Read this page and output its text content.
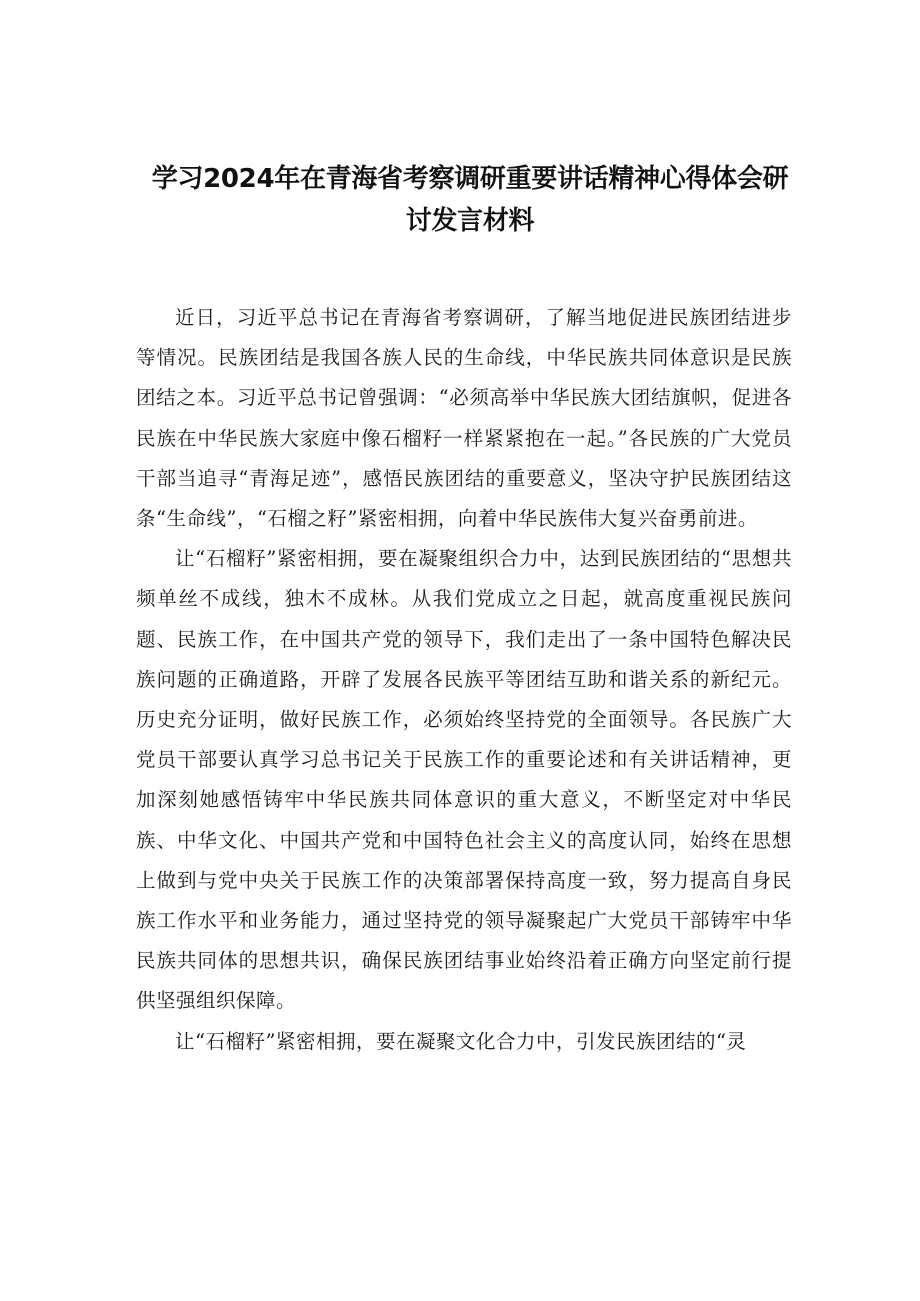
学习2024年在青海省考察调研重要讲话精神心得体会研讨发言材料

近日，习近平总书记在青海省考察调研，了解当地促进民族团结进步等情况。民族团结是我国各族人民的生命线，中华民族共同体意识是民族团结之本。习近平总书记曾强调：“必须高举中华民族大团结旗帜，促进各民族在中华民族大家庭中像石榴籽一样紧紧抱在一起。”各民族的广大党员干部当追寻“青海足迹”，感悟民族团结的重要意义，坚决守护民族团结这条“生命线”，“石榴之籽”紧密相拥，向着中华民族伟大复兴奋勇前进。

让“石榴籽”紧密相拥，要在凝聚组织合力中，达到民族团结的“思想共频单丝不成线，独木不成林。从我们党成立之日起，就高度重视民族问题、民族工作，在中国共产党的领导下，我们走出了一条中国特色解决民族问题的正确道路，开辟了发展各民族平等团结互助和谐关系的新纪元。历史充分证明，做好民族工作，必须始终坚持党的全面领导。各民族广大党员干部要认真学习总书记关于民族工作的重要论述和有关讲话精神，更加深刻她感悟铸牢中华民族共同体意识的重大意义，不断坚定对中华民族、中华文化、中国共产党和中国特色社会主义的高度认同，始终在思想上做到与党中央关于民族工作的决策部署保持高度一致，努力提高自身民族工作水平和业务能力，通过坚持党的领导凝聚起广大党员干部铸牢中华民族共同体的思想共识，确保民族团结事业始终沿着正确方向坚定前行提供坚强组织保障。

让“石榴籽”紧密相拥，要在凝聚文化合力中，引发民族团结的“灵
